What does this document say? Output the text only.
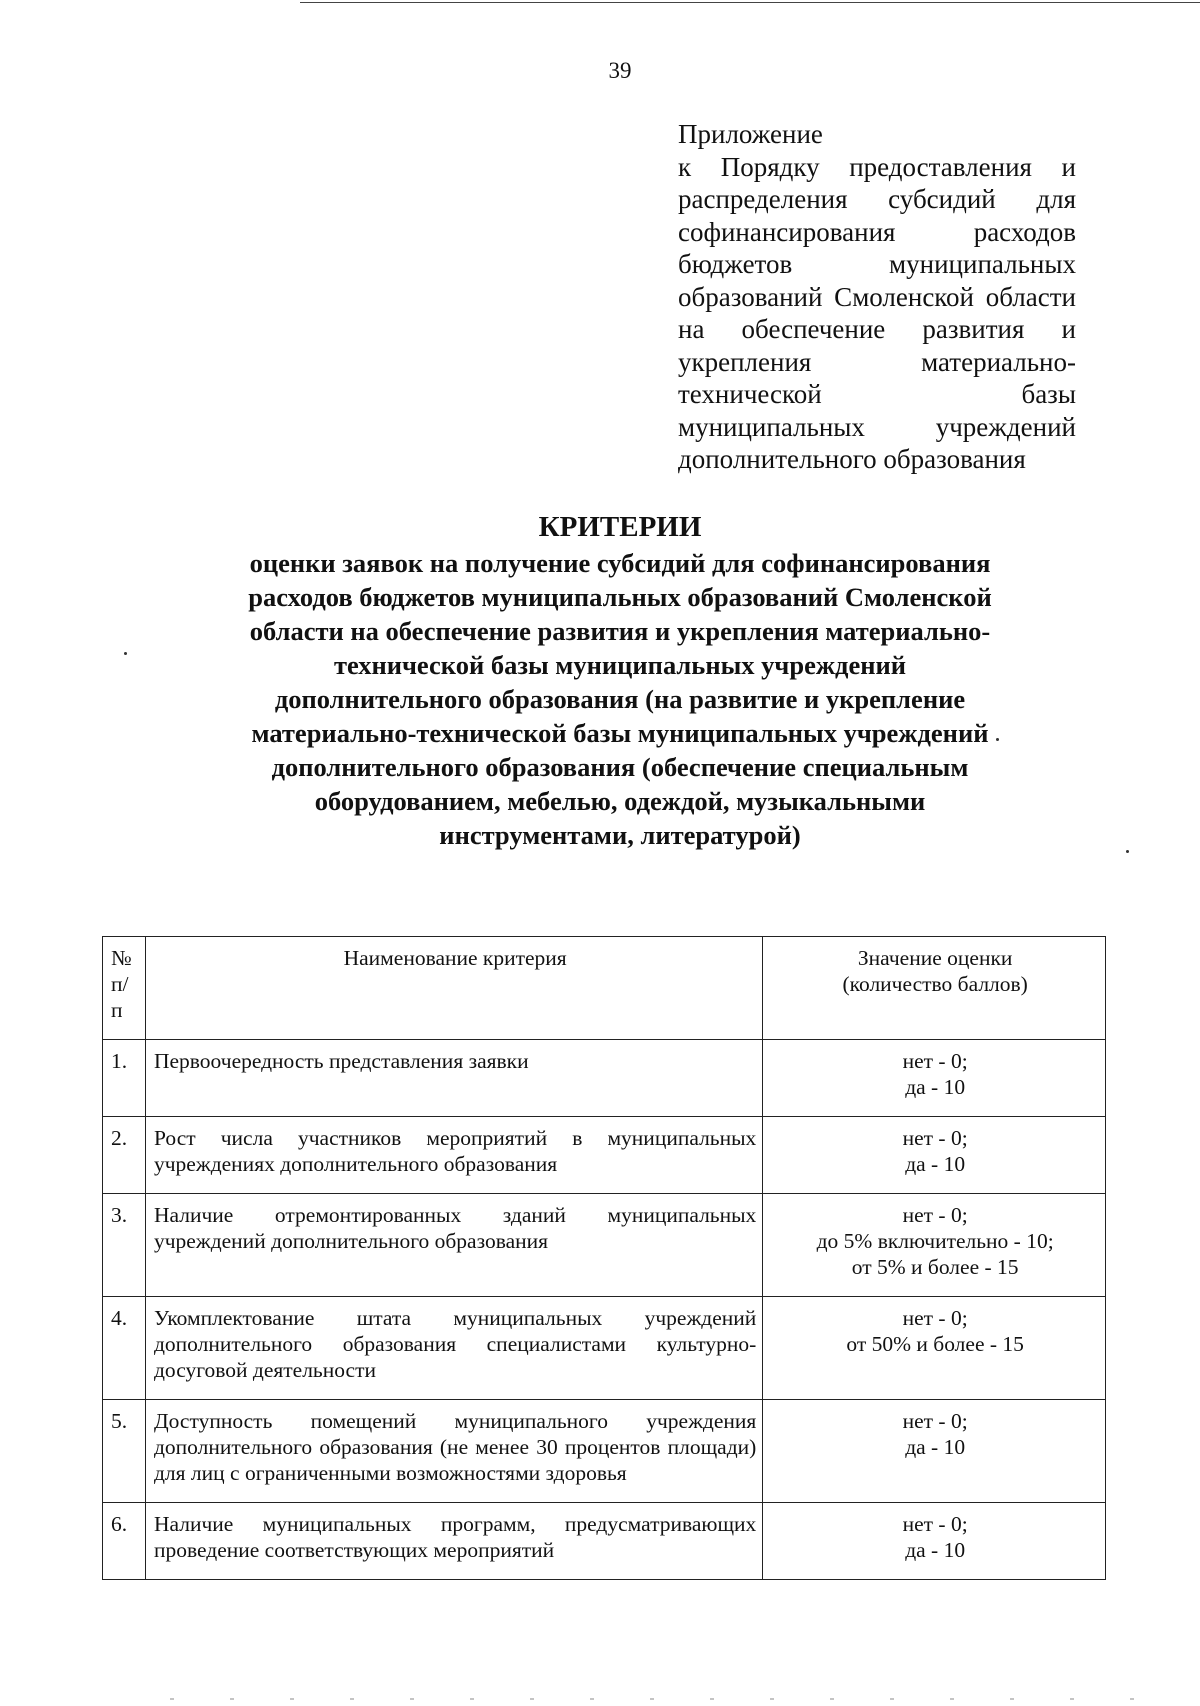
39
Приложение
к Порядку предоставления и распределения субсидий для софинансирования расходов бюджетов муниципальных образований Смоленской области на обеспечение развития и укрепления материально-технической базы муниципальных учреждений дополнительного образования
КРИТЕРИИ
оценки заявок на получение субсидий для софинансирования расходов бюджетов муниципальных образований Смоленской области на обеспечение развития и укрепления материально-технической базы муниципальных учреждений дополнительного образования (на развитие и укрепление материально-технической базы муниципальных учреждений дополнительного образования (обеспечение специальным оборудованием, мебелью, одеждой, музыкальными инструментами, литературой)
№
п/п	Наименование критерия	Значение оценки
(количество баллов)
1.	Первоочередность представления заявки	нет - 0;
да - 10
2.	Рост числа участников мероприятий в муниципальных учреждениях дополнительного образования	нет - 0;
да - 10
3.	Наличие отремонтированных зданий муниципальных учреждений дополнительного образования	нет - 0;
до 5% включительно - 10;
от 5% и более - 15
4.	Укомплектование штата муниципальных учреждений дополнительного образования специалистами культурно-досуговой деятельности	нет - 0;
от 50% и более - 15
5.	Доступность помещений муниципального учреждения дополнительного образования (не менее 30 процентов площади) для лиц с ограниченными возможностями здоровья	нет - 0;
да - 10
6.	Наличие муниципальных программ, предусматривающих проведение соответствующих мероприятий	нет - 0;
да - 10
